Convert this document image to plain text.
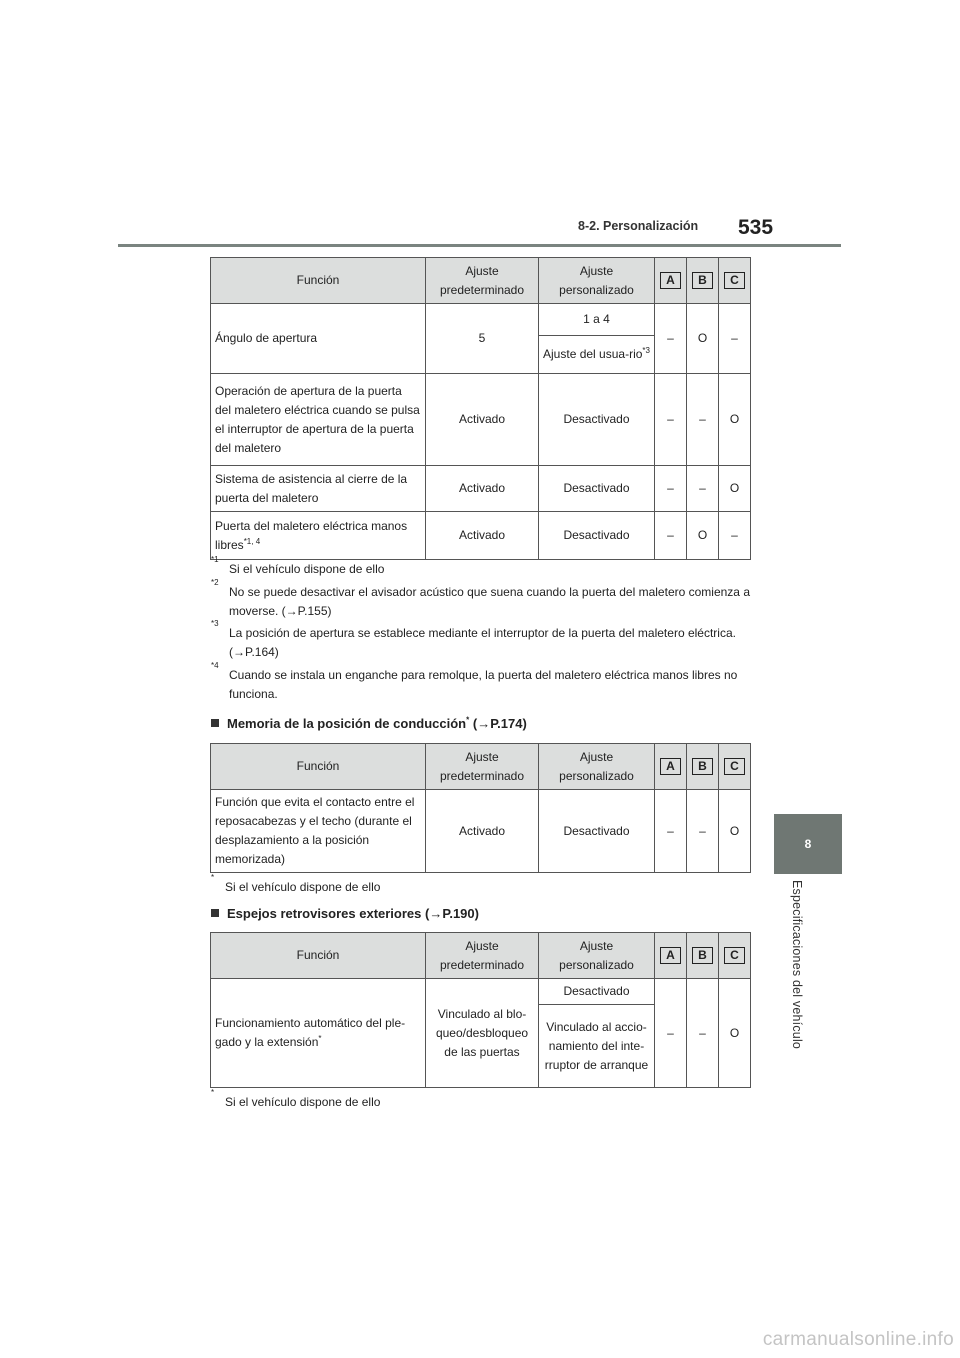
8-2. Personalización 535
8
Especificaciones del vehículo
Función	Ajuste predeterminado	Ajuste personalizado	A	B	C
Ángulo de apertura	5	1 a 4	–	O	–
		Ajuste del usua-rio$^{*3}$
Operación de apertura de la puerta del maletero eléctrica cuando se pulsa el interruptor de apertura de la puerta del maletero	Activado	Desactivado	–	–	O
Sistema de asistencia al cierre de la puerta del maletero	Activado	Desactivado	–	–	O
Puerta del maletero eléctrica manos libres$^{*1, 4}$	Activado	Desactivado	–	O	–
*1
Si el vehículo dispone de ello
*2
No se puede desactivar el avisador acústico que suena cuando la puerta del maletero comienza a moverse. (→P.155)
*3
La posición de apertura se establece mediante el interruptor de la puerta del maletero eléctrica. (→P.164)
*4
Cuando se instala un enganche para remolque, la puerta del maletero eléctrica manos libres no funciona.
Memoria de la posición de conducción* (→P.174)
Función	Ajuste predeterminado	Ajuste personalizado	A	B	C
Función que evita el contacto entre el reposacabezas y el techo (durante el desplazamiento a la posición memorizada)	Activado	Desactivado	–	–	O
*
Si el vehículo dispone de ello
Espejos retrovisores exteriores (→P.190)
Función	Ajuste predeterminado	Ajuste personalizado	A	B	C
Funcionamiento automático del ple-gado y la extensión*	Vinculado al blo-queo/desbloqueo de las puertas	Desactivado	–	–	O
		Vinculado al accio-namiento del inte-rruptor de arranque			
*
Si el vehículo dispone de ello
carmanualsonline.info
